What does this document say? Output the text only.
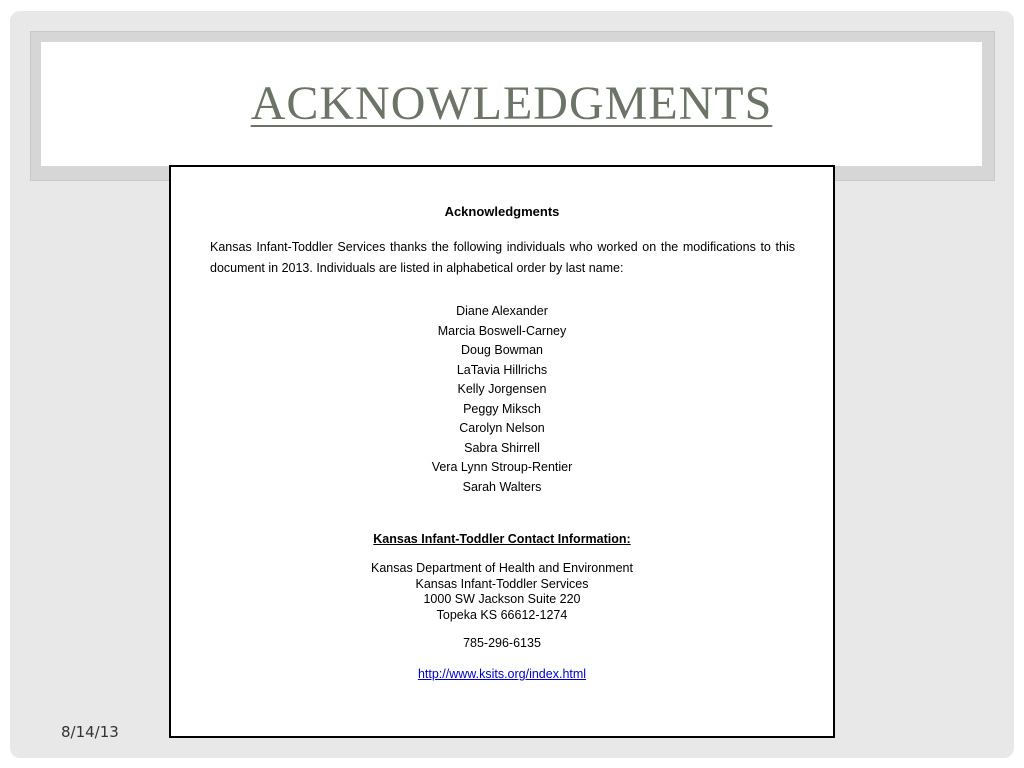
ACKNOWLEDGMENTS
Acknowledgments
Kansas Infant-Toddler Services thanks the following individuals who worked on the modifications to this document in 2013. Individuals are listed in alphabetical order by last name:
Diane Alexander
Marcia Boswell-Carney
Doug Bowman
LaTavia Hillrichs
Kelly Jorgensen
Peggy Miksch
Carolyn Nelson
Sabra Shirrell
Vera Lynn Stroup-Rentier
Sarah Walters
Kansas Infant-Toddler Contact Information:
Kansas Department of Health and Environment
Kansas Infant-Toddler Services
1000 SW Jackson Suite 220
Topeka KS 66612-1274
785-296-6135
http://www.ksits.org/index.html
8/14/13
